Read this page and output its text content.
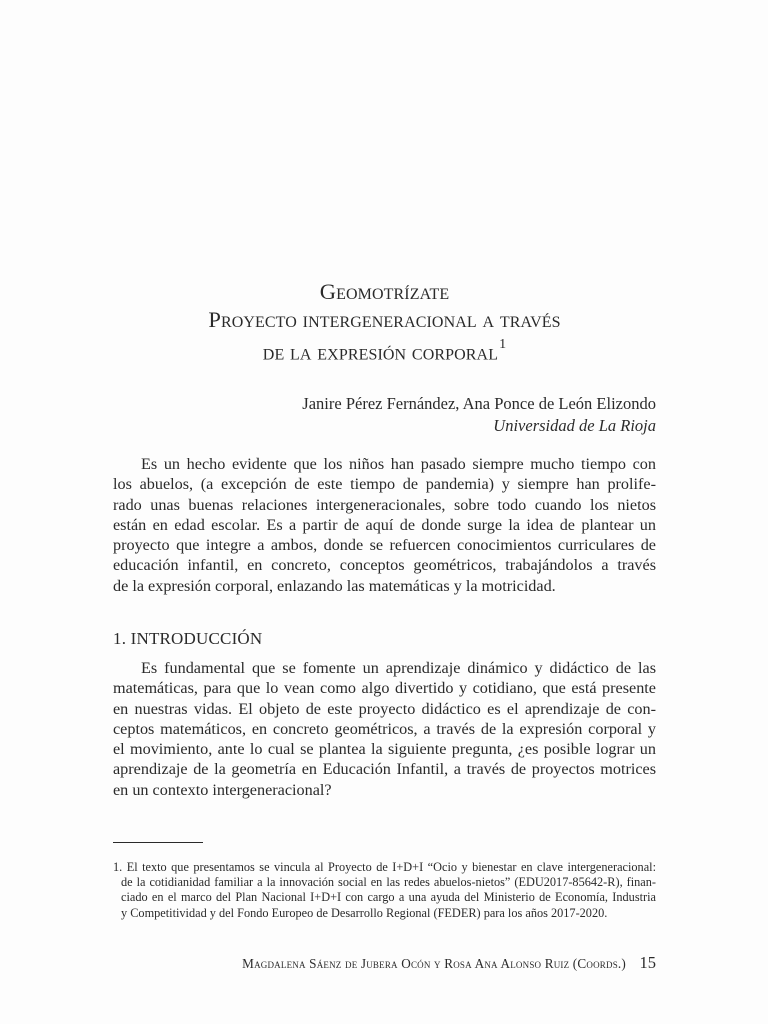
Geomotrízate
Proyecto intergeneracional a través
de la expresión corporal$^1$
Janire Pérez Fernández, Ana Ponce de León Elizondo
Universidad de La Rioja
Es un hecho evidente que los niños han pasado siempre mucho tiempo con
los abuelos, (a excepción de este tiempo de pandemia) y siempre han prolife-
rado unas buenas relaciones intergeneracionales, sobre todo cuando los nietos
están en edad escolar. Es a partir de aquí de donde surge la idea de plantear un
proyecto que integre a ambos, donde se refuercen conocimientos curriculares de
educación infantil, en concreto, conceptos geométricos, trabajándolos a través
de la expresión corporal, enlazando las matemáticas y la motricidad.
1. INTRODUCCIÓN
Es fundamental que se fomente un aprendizaje dinámico y didáctico de las
matemáticas, para que lo vean como algo divertido y cotidiano, que está presente
en nuestras vidas. El objeto de este proyecto didáctico es el aprendizaje de con-
ceptos matemáticos, en concreto geométricos, a través de la expresión corporal y
el movimiento, ante lo cual se plantea la siguiente pregunta, ¿es posible lograr un
aprendizaje de la geometría en Educación Infantil, a través de proyectos motrices
en un contexto intergeneracional?
1. El texto que presentamos se vincula al Proyecto de I+D+I “Ocio y bienestar en clave intergeneracional:
de la cotidianidad familiar a la innovación social en las redes abuelos-nietos” (EDU2017-85642-R), finan-
ciado en el marco del Plan Nacional I+D+I con cargo a una ayuda del Ministerio de Economía, Industria
y Competitividad y del Fondo Europeo de Desarrollo Regional (FEDER) para los años 2017-2020.
Magdalena Sáenz de Jubera Ocón y Rosa Ana Alonso Ruiz (Coords.) 15
